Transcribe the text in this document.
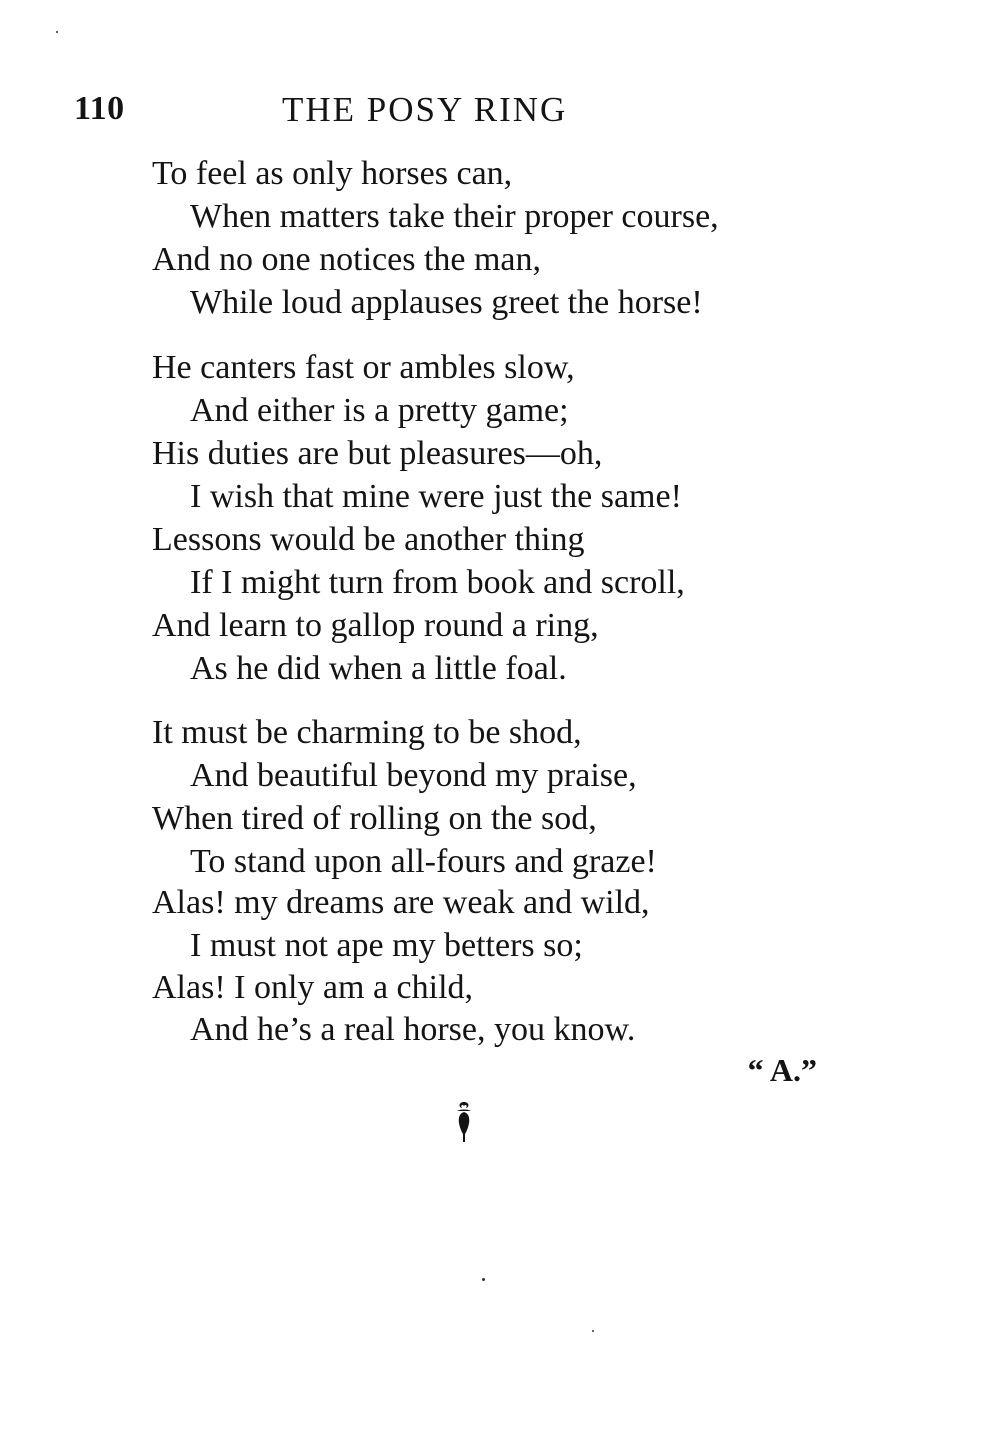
110	THE POSY RING
To feel as only horses can,
When matters take their proper course,
And no one notices the man,
While loud applauses greet the horse!
He canters fast or ambles slow,
And either is a pretty game;
His duties are but pleasures—oh,
I wish that mine were just the same!
Lessons would be another thing
If I might turn from book and scroll,
And learn to gallop round a ring,
As he did when a little foal.
It must be charming to be shod,
And beautiful beyond my praise,
When tired of rolling on the sod,
To stand upon all-fours and graze!
Alas! my dreams are weak and wild,
I must not ape my betters so;
Alas! I only am a child,
And he’s a real horse, you know.
“ A.”
